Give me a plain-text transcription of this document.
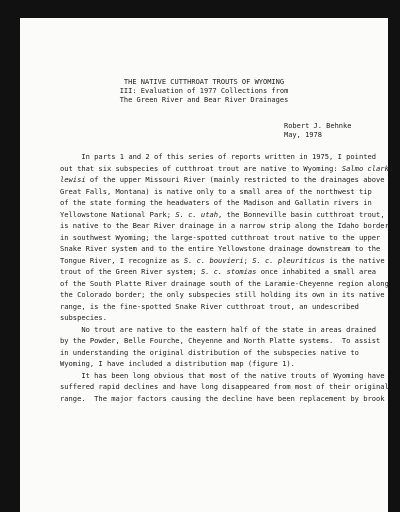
THE NATIVE CUTTHROAT TROUTS OF WYOMING
III: Evaluation of 1977 Collections from
The Green River and Bear River Drainages
Robert J. Behnke
May, 1978
In parts 1 and 2 of this series of reports written in 1975, I pointed
out that six subspecies of cutthroat trout are native to Wyoming: Salmo clarki
lewisi of the upper Missouri River (mainly restricted to the drainages above
Great Falls, Montana) is native only to a small area of the northwest tip
of the state forming the headwaters of the Madison and Gallatin rivers in
Yellowstone National Park; S. c. utah, the Bonneville basin cutthroat trout,
is native to the Bear River drainage in a narrow strip along the Idaho border
in southwest Wyoming; the large-spotted cutthroat trout native to the upper
Snake River system and to the entire Yellowstone drainage downstream to the
Tongue River, I recognize as S. c. bouvieri; S. c. pleuriticus is the native
trout of the Green River system; S. c. stomias once inhabited a small area
of the South Platte River drainage south of the Laramie-Cheyenne region along
the Colorado border; the only subspecies still holding its own in its native
range, is the fine-spotted Snake River cutthroat trout, an undescribed
subspecies.
No trout are native to the eastern half of the state in areas drained
by the Powder, Belle Fourche, Cheyenne and North Platte systems.  To assist
in understanding the original distribution of the subspecies native to
Wyoming, I have included a distribution map (figure 1).
It has been long obvious that most of the native trouts of Wyoming have
suffered rapid declines and have long disappeared from most of their original
range.  The major factors causing the decline have been replacement by brook
